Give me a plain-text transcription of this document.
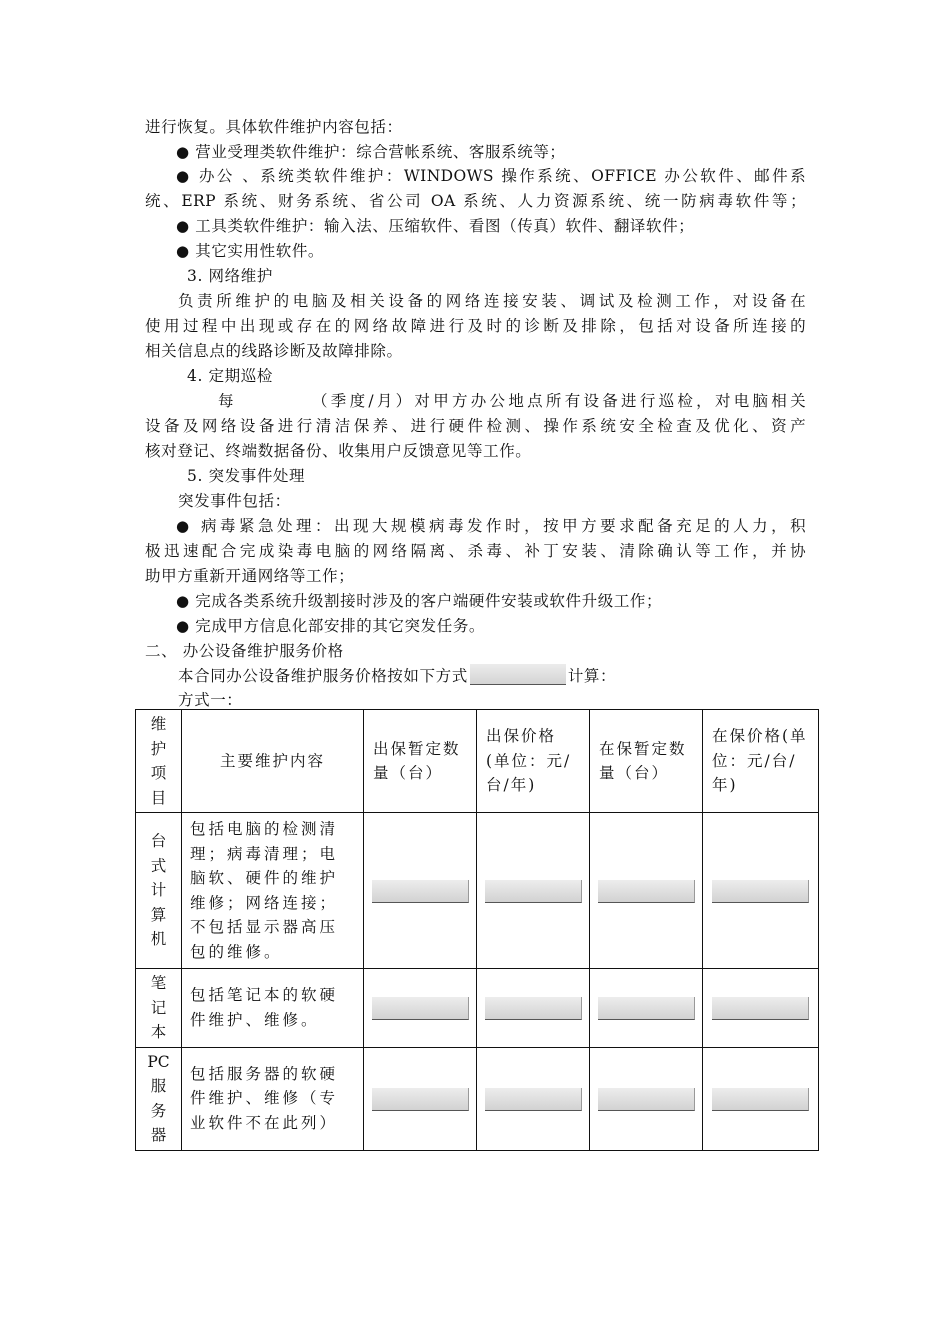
进行恢复。具体软件维护内容包括：
● 营业受理类软件维护：综合营帐系统、客服系统等；
● 办公 、系统类软件维护：WINDOWS 操作系统、OFFICE 办公软件、邮件系
统、ERP 系统、财务系统、省公司 OA 系统、人力资源系统、统一防病毒软件等；
● 工具类软件维护：输入法、压缩软件、看图（传真）软件、翻译软件；
● 其它实用性软件。
3. 网络维护
负责所维护的电脑及相关设备的网络连接安装、调试及检测工作，对设备在
使用过程中出现或存在的网络故障进行及时的诊断及排除，包括对设备所连接的
相关信息点的线路诊断及故障排除。
4. 定期巡检
每	（季度/月）对甲方办公地点所有设备进行巡检，对电脑相关
设备及网络设备进行清洁保养、进行硬件检测、操作系统安全检查及优化、资产
核对登记、终端数据备份、收集用户反馈意见等工作。
5. 突发事件处理
突发事件包括：
● 病毒紧急处理：出现大规模病毒发作时，按甲方要求配备充足的人力，积
极迅速配合完成染毒电脑的网络隔离、杀毒、补丁安装、清除确认等工作，并协
助甲方重新开通网络等工作；
● 完成各类系统升级割接时涉及的客户端硬件安装或软件升级工作；
● 完成甲方信息化部安排的其它突发任务。
二、 办公设备维护服务价格
本合同办公设备维护服务价格按如下方式	计算：
方式一：
维
护
项
目	主要维护内容	出保暂定数量（台）	出保价格(单位：元/台/年)	在保暂定数量（台）	在保价格(单位：元/台/年)

台
式
计
算
机	包括电脑的检测清理；病毒清理；电脑软、硬件的维护维修；网络连接；不包括显示器高压包的维修。				

笔
记
本	包括笔记本的软硬件维护、维修。				

PC
服
务
器	包括服务器的软硬件维护、维修（专业软件不在此列）				
